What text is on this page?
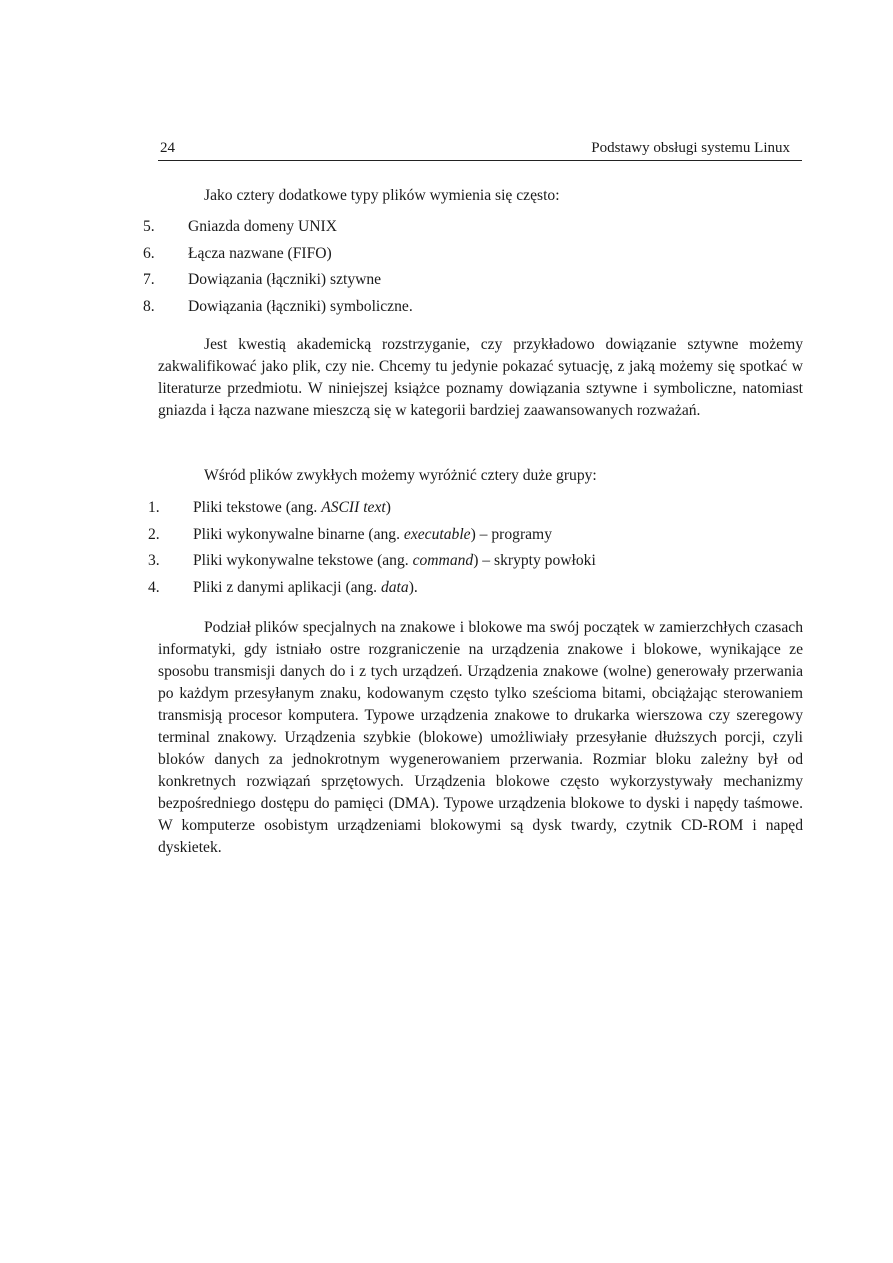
24	Podstawy obsługi systemu Linux

Jako cztery dodatkowe typy plików wymienia się często:

5. Gniazda domeny UNIX
6. Łącza nazwane (FIFO)
7. Dowiązania (łączniki) sztywne
8. Dowiązania (łączniki) symboliczne.

Jest kwestią akademicką rozstrzyganie, czy przykładowo dowiązanie sztywne możemy zakwalifikować jako plik, czy nie. Chcemy tu jedynie pokazać sytuację, z jaką możemy się spotkać w literaturze przedmiotu. W niniejszej książce poznamy dowiązania sztywne i symboliczne, natomiast gniazda i łącza nazwane mieszczą się w kategorii bardziej zaawansowanych rozważań.

Wśród plików zwykłych możemy wyróżnić cztery duże grupy:

1. Pliki tekstowe (ang. ASCII text)
2. Pliki wykonywalne binarne (ang. executable) – programy
3. Pliki wykonywalne tekstowe (ang. command) – skrypty powłoki
4. Pliki z danymi aplikacji (ang. data).

Podział plików specjalnych na znakowe i blokowe ma swój początek w zamierzchłych czasach informatyki, gdy istniało ostre rozgraniczenie na urządzenia znakowe i blokowe, wynikające ze sposobu transmisji danych do i z tych urządzeń. Urządzenia znakowe (wolne) generowały przerwania po każdym przesyłanym znaku, kodowanym często tylko sześcioma bitami, obciążając sterowaniem transmisją procesor komputera. Typowe urządzenia znakowe to drukarka wierszowa czy szeregowy terminal znakowy. Urządzenia szybkie (blokowe) umożliwiały przesyłanie dłuższych porcji, czyli bloków danych za jednokrotnym wygenerowaniem przerwania. Rozmiar bloku zależny był od konkretnych rozwiązań sprzętowych. Urządzenia blokowe często wykorzystywały mechanizmy bezpośredniego dostępu do pamięci (DMA). Typowe urządzenia blokowe to dyski i napędy taśmowe. W komputerze osobistym urządzeniami blokowymi są dysk twardy, czytnik CD-ROM i napęd dyskietek.
